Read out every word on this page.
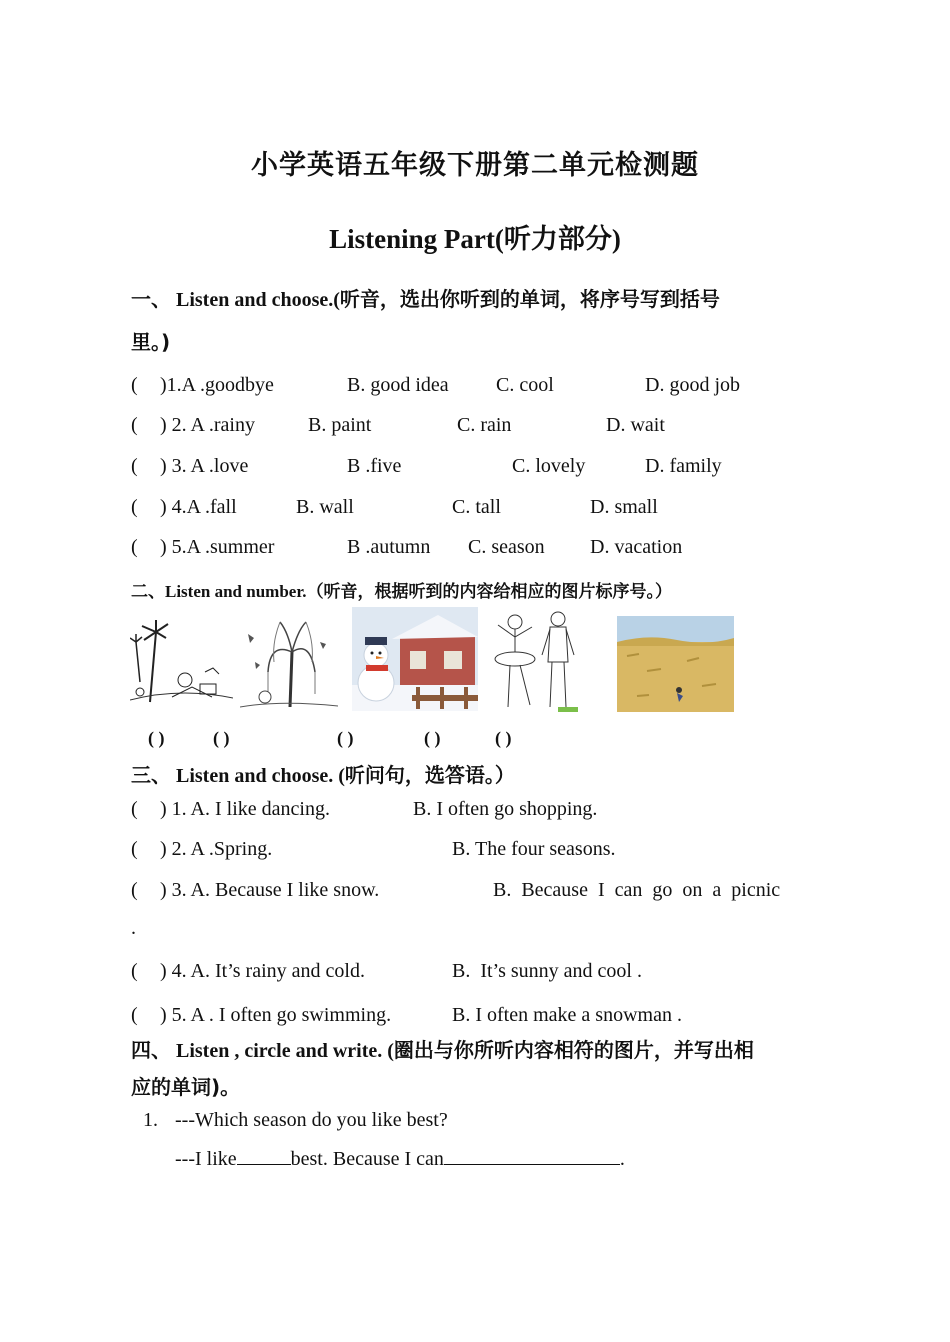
小学英语五年级下册第二单元检测题
Listening Part(听力部分)
一、 Listen and choose.(听音，选出你听到的单词，将序号写到括号
里。)
( )1.A .goodbye	B. good idea C. cool	D. good job
( ) 2. A .rainy	B. paint	C. rain	D. wait
( ) 3. A .love	B .five	C. lovely	D. family
( ) 4.A .fall	B. wall	C. tall	D. small
( ) 5.A .summer	B .autumn C. season D. vacation
二、Listen and number.（听音，根据听到的内容给相应的图片标序号。）
( )	( )	( )	( )	( )
三、 Listen and choose. (听问句，选答语。）
( ) 1. A. I like dancing.	B. I often go shopping.
( ) 2. A .Spring.	B. The four seasons.
( ) 3. A. Because I like snow.	B.  Because  I  can  go  on  a  picnic
.
( ) 4. A. It’s rainy and cold.	B.  It’s sunny and cool .
( ) 5. A . I often go swimming.	B. I often make a snowman .
四、 Listen , circle and write. (圈出与你所听内容相符的图片，并写出相
应的单词)。
1. ---Which season do you like best?
---I like	best. Because I can	.
